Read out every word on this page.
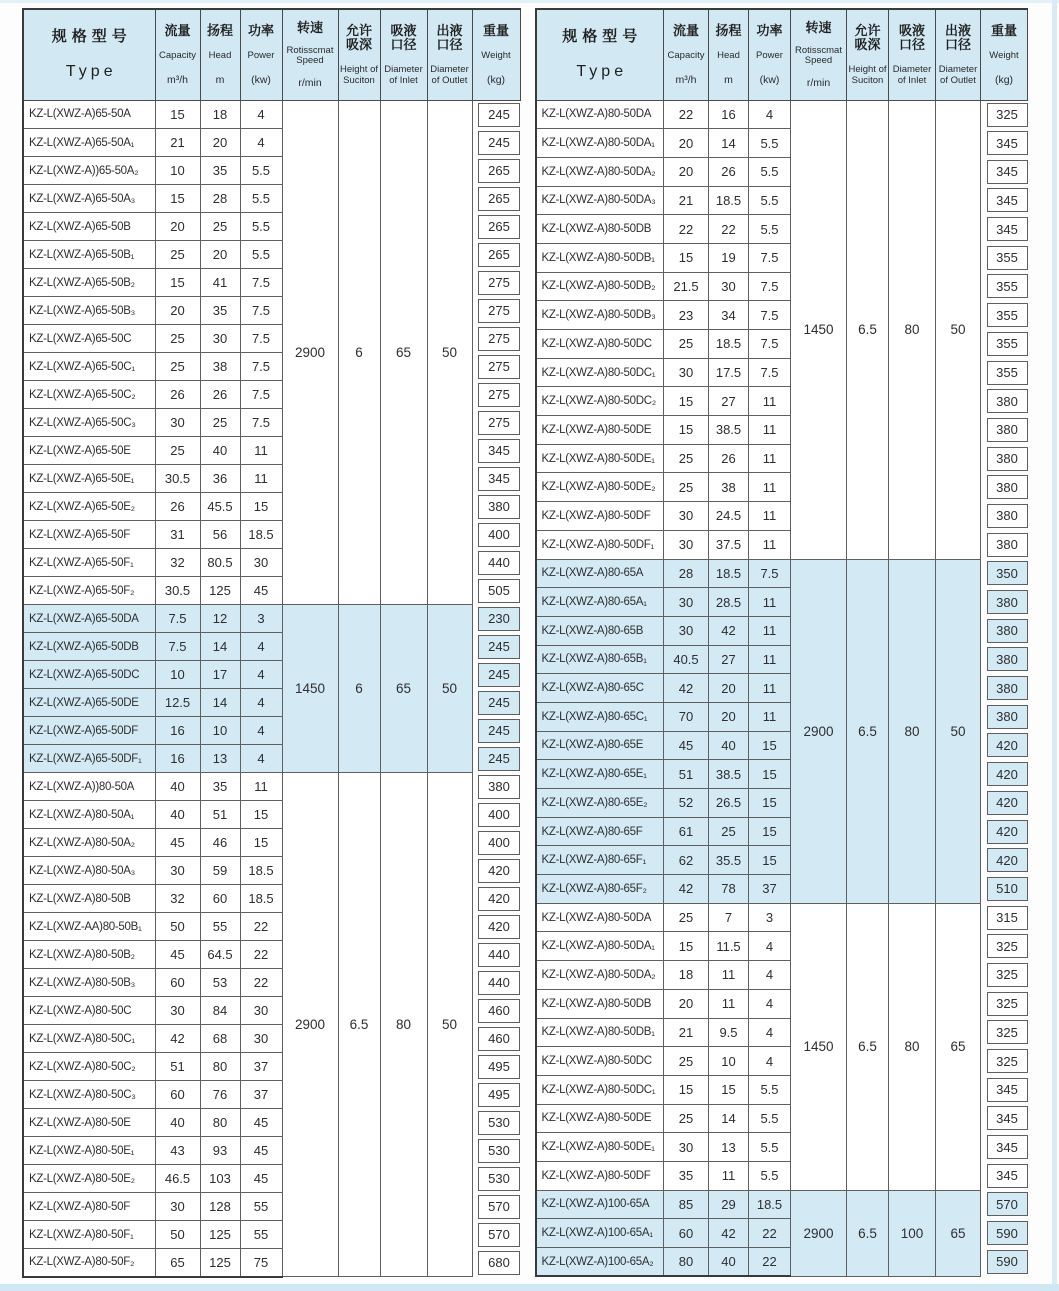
规格型号
Type

流量
Capacity
m³/h

扬程
Head
m

功率
Power
(kw)

转速
Rotisscmat Speed
r/min

允许吸深
Height of Suciton

吸液口径
Diameter of Inlet

出液口径
Diameter of Outlet

重量
Weight
(kg)

KZ-L(XWZ-A)65-50A	15	18	4	2900	6	65	50		245

KZ-L(XWZ-A)65-50A₁	21	20	4						245

KZ-L(XWZ-A))65-50A₂	10	35	5.5						265

KZ-L(XWZ-A)65-50A₃	15	28	5.5						265

KZ-L(XWZ-A)65-50B	20	25	5.5						265

KZ-L(XWZ-A)65-50B₁	25	20	5.5						265

KZ-L(XWZ-A)65-50B₂	15	41	7.5						275

KZ-L(XWZ-A)65-50B₃	20	35	7.5						275

KZ-L(XWZ-A)65-50C	25	30	7.5						275

KZ-L(XWZ-A)65-50C₁	25	38	7.5						275

KZ-L(XWZ-A)65-50C₂	26	26	7.5						275

KZ-L(XWZ-A)65-50C₃	30	25	7.5						275

KZ-L(XWZ-A)65-50E	25	40	11						345

KZ-L(XWZ-A)65-50E₁	30.5	36	11						345

KZ-L(XWZ-A)65-50E₂	26	45.5	15						380

KZ-L(XWZ-A)65-50F	31	56	18.5						400

KZ-L(XWZ-A)65-50F₁	32	80.5	30						440

KZ-L(XWZ-A)65-50F₂	30.5	125	45						505

KZ-L(XWZ-A)65-50DA	7.5	12	3	1450	6	65	50		230

KZ-L(XWZ-A)65-50DB	7.5	14	4						245

KZ-L(XWZ-A)65-50DC	10	17	4						245

KZ-L(XWZ-A)65-50DE	12.5	14	4						245

KZ-L(XWZ-A)65-50DF	16	10	4						245

KZ-L(XWZ-A)65-50DF₁	16	13	4						245

KZ-L(XWZ-A))80-50A	40	35	11	2900	6.5	80	50		380

KZ-L(XWZ-A)80-50A₁	40	51	15						400

KZ-L(XWZ-A)80-50A₂	45	46	15						400

KZ-L(XWZ-A)80-50A₃	30	59	18.5						420

KZ-L(XWZ-A)80-50B	32	60	18.5						420

KZ-L(XWZ-AA)80-50B₁	50	55	22						420

KZ-L(XWZ-A)80-50B₂	45	64.5	22						440

KZ-L(XWZ-A)80-50B₃	60	53	22						440

KZ-L(XWZ-A)80-50C	30	84	30						460

KZ-L(XWZ-A)80-50C₁	42	68	30						460

KZ-L(XWZ-A)80-50C₂	51	80	37						495

KZ-L(XWZ-A)80-50C₃	60	76	37						495

KZ-L(XWZ-A)80-50E	40	80	45						530

KZ-L(XWZ-A)80-50E₁	43	93	45						530

KZ-L(XWZ-A)80-50E₂	46.5	103	45						530

KZ-L(XWZ-A)80-50F	30	128	55						570

KZ-L(XWZ-A)80-50F₁	50	125	55						570

KZ-L(XWZ-A)80-50F₂	65	125	75						680
规格型号
Type

流量
Capacity
m³/h

扬程
Head
m

功率
Power
(kw)

转速
Rotisscmat Speed
r/min

允许吸深
Height of Suciton

吸液口径
Diameter of Inlet

出液口径
Diameter of Outlet

重量
Weight
(kg)

KZ-L(XWZ-A)80-50DA	22	16	4	1450	6.5	80	50		325

KZ-L(XWZ-A)80-50DA₁	20	14	5.5						345

KZ-L(XWZ-A)80-50DA₂	20	26	5.5						345

KZ-L(XWZ-A)80-50DA₃	21	18.5	5.5						345

KZ-L(XWZ-A)80-50DB	22	22	5.5						345

KZ-L(XWZ-A)80-50DB₁	15	19	7.5						355

KZ-L(XWZ-A)80-50DB₂	21.5	30	7.5						355

KZ-L(XWZ-A)80-50DB₃	23	34	7.5						355

KZ-L(XWZ-A)80-50DC	25	18.5	7.5						355

KZ-L(XWZ-A)80-50DC₁	30	17.5	7.5						355

KZ-L(XWZ-A)80-50DC₂	15	27	11						380

KZ-L(XWZ-A)80-50DE	15	38.5	11						380

KZ-L(XWZ-A)80-50DE₁	25	26	11						380

KZ-L(XWZ-A)80-50DE₂	25	38	11						380

KZ-L(XWZ-A)80-50DF	30	24.5	11						380

KZ-L(XWZ-A)80-50DF₁	30	37.5	11						380

KZ-L(XWZ-A)80-65A	28	18.5	7.5	2900	6.5	80	50		350

KZ-L(XWZ-A)80-65A₁	30	28.5	11						380

KZ-L(XWZ-A)80-65B	30	42	11						380

KZ-L(XWZ-A)80-65B₁	40.5	27	11						380

KZ-L(XWZ-A)80-65C	42	20	11						380

KZ-L(XWZ-A)80-65C₁	70	20	11						380

KZ-L(XWZ-A)80-65E	45	40	15						420

KZ-L(XWZ-A)80-65E₁	51	38.5	15						420

KZ-L(XWZ-A)80-65E₂	52	26.5	15						420

KZ-L(XWZ-A)80-65F	61	25	15						420

KZ-L(XWZ-A)80-65F₁	62	35.5	15						420

KZ-L(XWZ-A)80-65F₂	42	78	37						510

KZ-L(XWZ-A)80-50DA	25	7	3	1450	6.5	80	65		315

KZ-L(XWZ-A)80-50DA₁	15	11.5	4						325

KZ-L(XWZ-A)80-50DA₂	18	11	4						325

KZ-L(XWZ-A)80-50DB	20	11	4						325

KZ-L(XWZ-A)80-50DB₁	21	9.5	4						325

KZ-L(XWZ-A)80-50DC	25	10	4						325

KZ-L(XWZ-A)80-50DC₁	15	15	5.5						345

KZ-L(XWZ-A)80-50DE	25	14	5.5						345

KZ-L(XWZ-A)80-50DE₁	30	13	5.5						345

KZ-L(XWZ-A)80-50DF	35	11	5.5						345

KZ-L(XWZ-A)100-65A	85	29	18.5	2900	6.5	100	65		570

KZ-L(XWZ-A)100-65A₁	60	42	22						590

KZ-L(XWZ-A)100-65A₂	80	40	22						590
